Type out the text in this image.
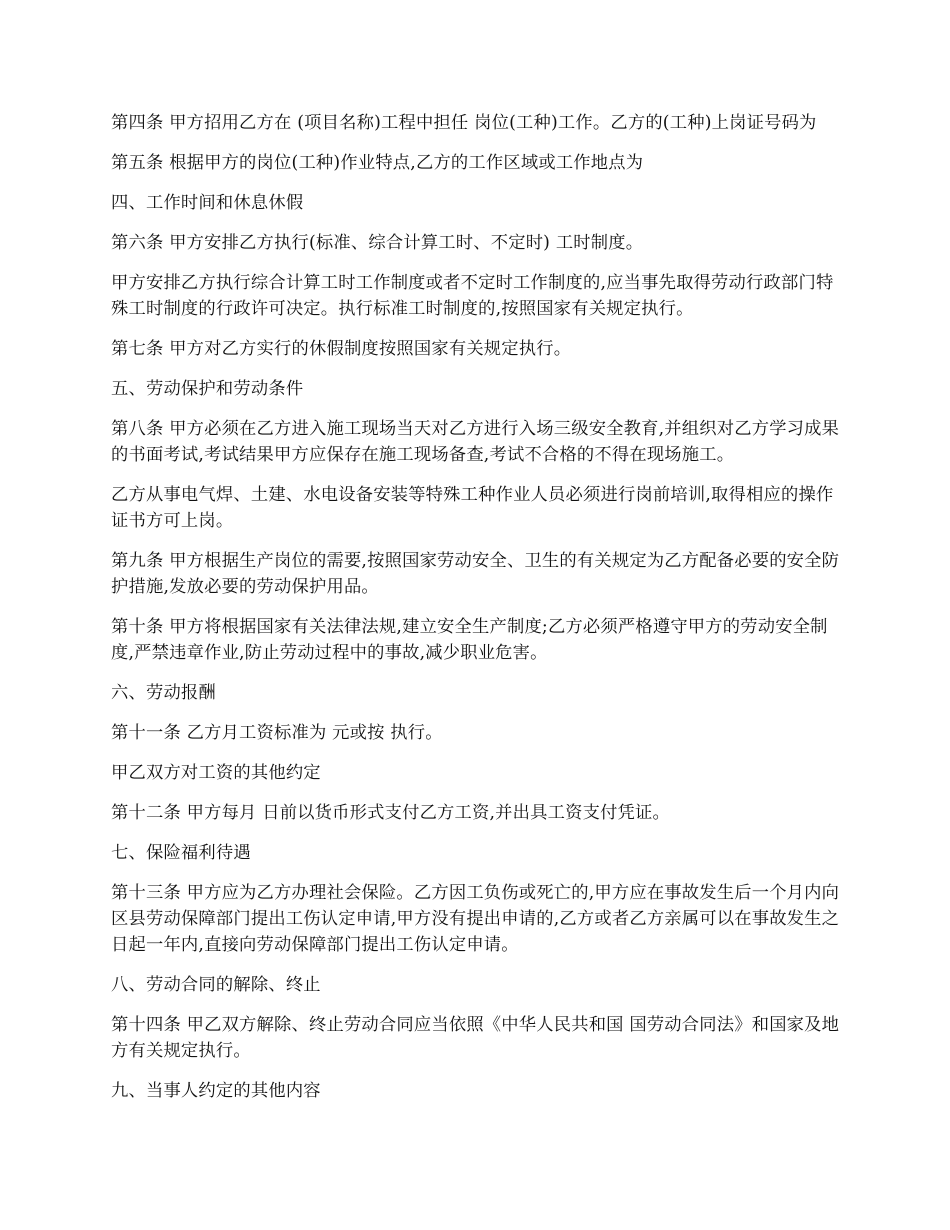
第四条 甲方招用乙方在 (项目名称)工程中担任 岗位(工种)工作。乙方的(工种)上岗证号码为

第五条 根据甲方的岗位(工种)作业特点,乙方的工作区域或工作地点为

四、工作时间和休息休假

第六条 甲方安排乙方执行(标准、综合计算工时、不定时) 工时制度。

甲方安排乙方执行综合计算工时工作制度或者不定时工作制度的,应当事先取得劳动行政部门特殊工时制度的行政许可决定。执行标准工时制度的,按照国家有关规定执行。

第七条 甲方对乙方实行的休假制度按照国家有关规定执行。

五、劳动保护和劳动条件

第八条 甲方必须在乙方进入施工现场当天对乙方进行入场三级安全教育,并组织对乙方学习成果的书面考试,考试结果甲方应保存在施工现场备查,考试不合格的不得在现场施工。

乙方从事电气焊、土建、水电设备安装等特殊工种作业人员必须进行岗前培训,取得相应的操作证书方可上岗。

第九条 甲方根据生产岗位的需要,按照国家劳动安全、卫生的有关规定为乙方配备必要的安全防护措施,发放必要的劳动保护用品。

第十条 甲方将根据国家有关法律法规,建立安全生产制度;乙方必须严格遵守甲方的劳动安全制度,严禁违章作业,防止劳动过程中的事故,减少职业危害。

六、劳动报酬

第十一条 乙方月工资标准为 元或按 执行。

甲乙双方对工资的其他约定

第十二条 甲方每月 日前以货币形式支付乙方工资,并出具工资支付凭证。

七、保险福利待遇

第十三条 甲方应为乙方办理社会保险。乙方因工负伤或死亡的,甲方应在事故发生后一个月内向区县劳动保障部门提出工伤认定申请,甲方没有提出申请的,乙方或者乙方亲属可以在事故发生之日起一年内,直接向劳动保障部门提出工伤认定申请。

八、劳动合同的解除、终止

第十四条 甲乙双方解除、终止劳动合同应当依照《中华人民共和国 国劳动合同法》和国家及地方有关规定执行。

九、当事人约定的其他内容
